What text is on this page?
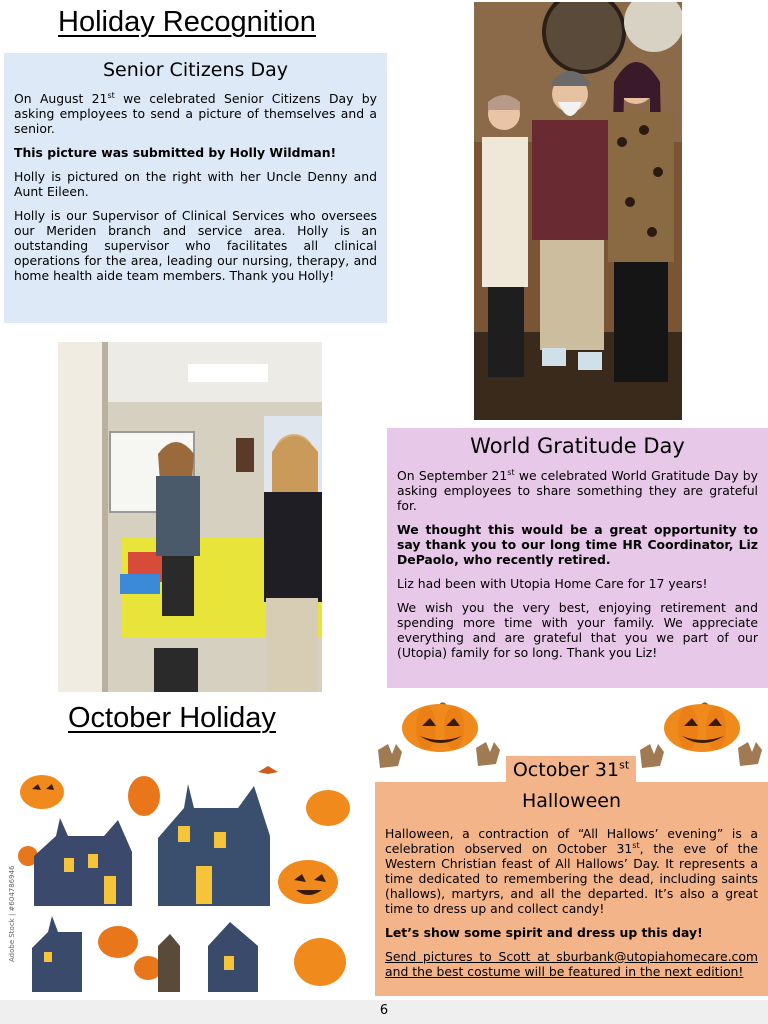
Holiday Recognition
Senior Citizens Day

On August 21st we celebrated Senior Citizens Day by asking employees to send a picture of themselves and a senior.

This picture was submitted by Holly Wildman!

Holly is pictured on the right with her Uncle Denny and Aunt Eileen.

Holly is our Supervisor of Clinical Services who oversees our Meriden branch and service area. Holly is an outstanding supervisor who facilitates all clinical operations for the area, leading our nursing, therapy, and home health aide team members. Thank you Holly!

World Gratitude Day

On September 21st we celebrated World Gratitude Day by asking employees to share something they are grateful for.

We thought this would be a great opportunity to say thank you to our long time HR Coordinator, Liz DePaolo, who recently retired.

Liz had been with Utopia Home Care for 17 years!

We wish you the very best, enjoying retirement and spending more time with your family. We appreciate everything and are grateful that you we part of our (Utopia) family for so long. Thank you Liz!

October Holiday
Adobe Stock | #604786946
October 31st
Halloween

Halloween, a contraction of “All Hallows’ evening” is a celebration observed on October 31st, the eve of the Western Christian feast of All Hallows’ Day. It represents a time dedicated to remembering the dead, including saints (hallows), martyrs, and all the departed. It’s also a great time to dress up and collect candy!

Let’s show some spirit and dress up this day!

Send pictures to Scott at sburbank@utopiahomecare.com and the best costume will be featured in the next edition!

6
